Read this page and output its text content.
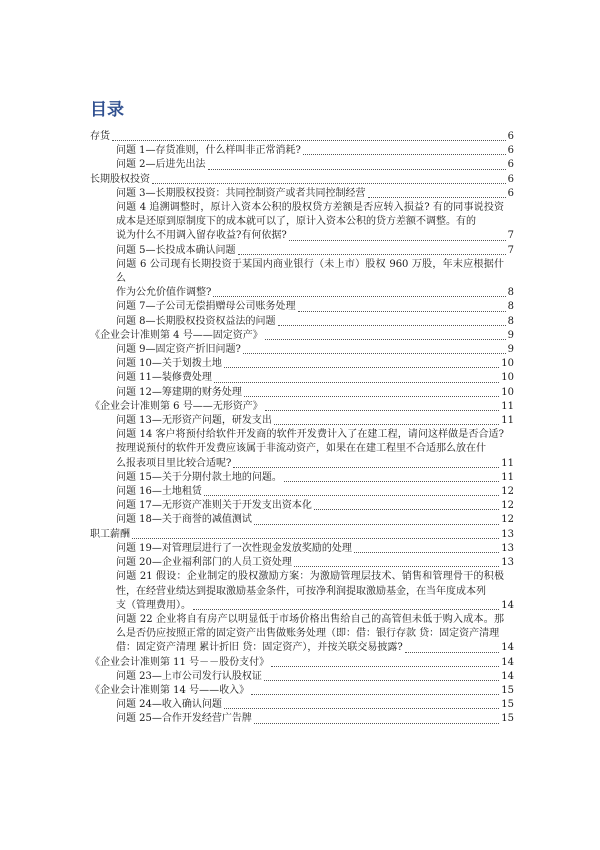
目录
存货	6
问题 1—存货准则，什么样叫非正常消耗?	6
问题 2—后进先出法	6
长期股权投资	6
问题 3—长期股权投资：共同控制资产或者共同控制经营	6
问题 4 追溯调整时，原计入资本公积的股权贷方差额是否应转入损益? 有的同事说投资成本是还原到原制度下的成本就可以了，原计入资本公积的贷方差额不调整。有的
说为什么不用调入留存收益?有何依据?	7
问题 5—长投成本确认问题	7
问题 6 公司现有长期投资于某国内商业银行（未上市）股权 960 万股，年末应根据什么
作为公允价值作调整?	8
问题 7—子公司无偿捐赠母公司账务处理	8
问题 8—长期股权投资权益法的问题	8
《企业会计准则第 4 号——固定资产》	9
问题 9—固定资产折旧问题?	9
问题 10—关于划拨土地	10
问题 11—装修费处理	10
问题 12—筹建期的财务处理	10
《企业会计准则第 6 号——无形资产》	11
问题 13—无形资产问题，研发支出	11
问题 14 客户将预付给软件开发商的软件开发费计入了在建工程，请问这样做是否合适? 按理说预付的软件开发费应该属于非流动资产，如果在在建工程里不合适那么放在什
么报表项目里比较合适呢?	11
问题 15—关于分期付款土地的问题。	11
问题 16—土地租赁	12
问题 17—无形资产准则关于开发支出资本化	12
问题 18—关于商誉的减值测试	12
职工薪酬	13
问题 19—对管理层进行了一次性现金发放奖励的处理	13
问题 20—企业福利部门的人员工资处理	13
问题 21 假设：企业制定的股权激励方案：为激励管理层技术、销售和管理骨干的积极性，在经营业绩达到提取激励基金条件，可按净利润提取激励基金，在当年度成本列
支（管理费用）。	14
问题 22 企业将自有房产以明显低于市场价格出售给自己的高管但未低于购入成本。那么是否仍应按照正常的固定资产出售做账务处理（即：借：银行存款 贷：固定资产清理
借：固定资产清理 累计折旧 贷：固定资产），并按关联交易披露?	14
《企业会计准则第 11 号－－股份支付》	14
问题 23—上市公司发行认股权证	14
《企业会计准则第 14 号——收入》	15
问题 24—收入确认问题	15
问题 25—合作开发经营广告牌	15
